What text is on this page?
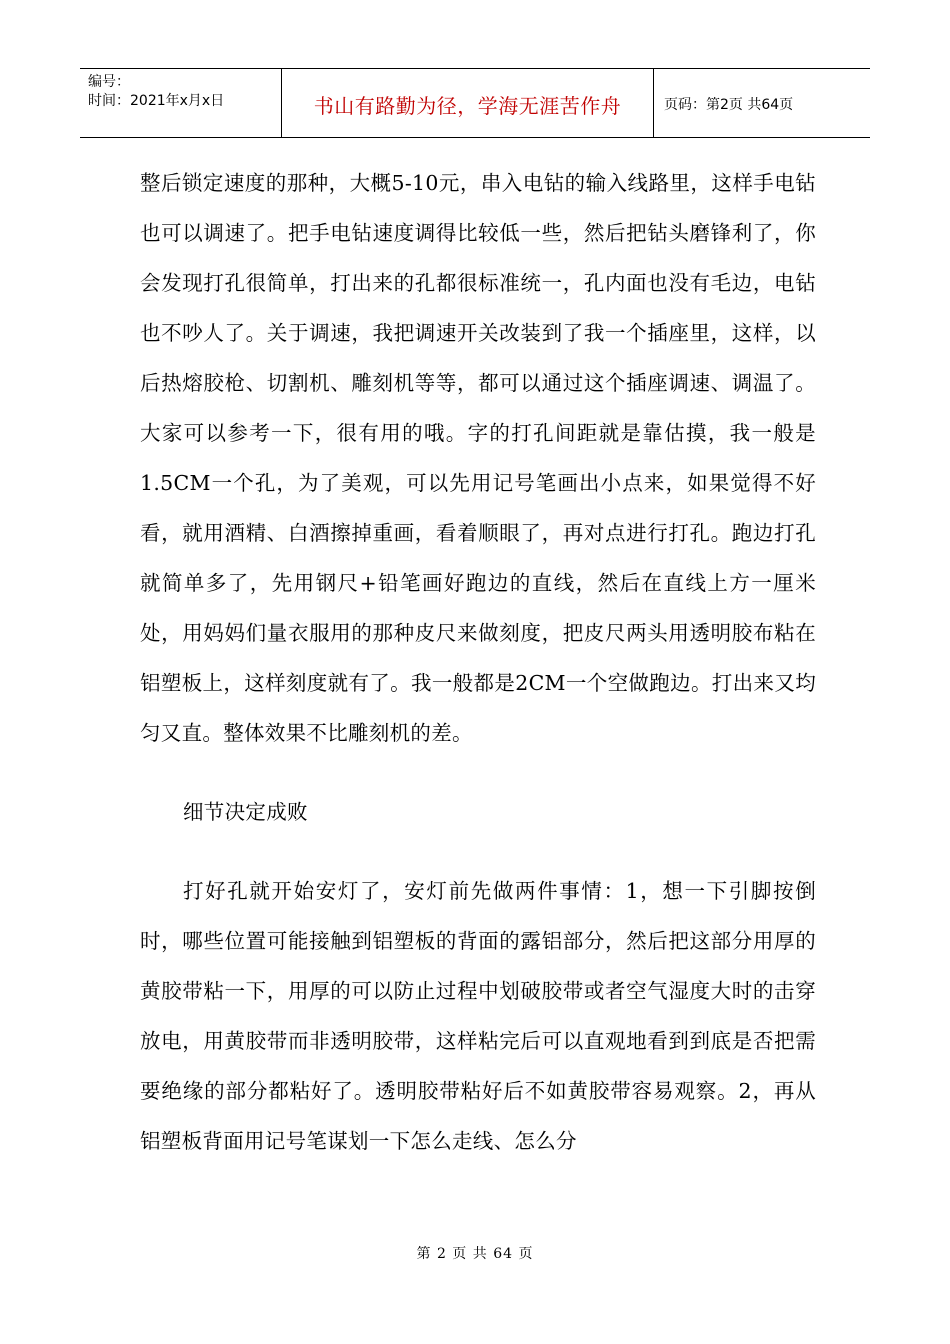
编号：
时间：2021年x月x日	书山有路勤为径，学海无涯苦作舟	页码：第2页 共64页

整后锁定速度的那种，大概5-10元，串入电钻的输入线路里，这样手电钻也可以调速了。把手电钻速度调得比较低一些，然后把钻头磨锋利了，你会发现打孔很简单，打出来的孔都很标准统一，孔内面也没有毛边，电钻也不吵人了。关于调速，我把调速开关改装到了我一个插座里，这样，以后热熔胶枪、切割机、雕刻机等等，都可以通过这个插座调速、调温了。大家可以参考一下，很有用的哦。字的打孔间距就是靠估摸，我一般是1.5CM一个孔，为了美观，可以先用记号笔画出小点来，如果觉得不好看，就用酒精、白酒擦掉重画，看着顺眼了，再对点进行打孔。跑边打孔就简单多了，先用钢尺+铅笔画好跑边的直线，然后在直线上方一厘米处，用妈妈们量衣服用的那种皮尺来做刻度，把皮尺两头用透明胶布粘在铝塑板上，这样刻度就有了。我一般都是2CM一个空做跑边。打出来又均匀又直。整体效果不比雕刻机的差。

细节决定成败

打好孔就开始安灯了，安灯前先做两件事情：1，想一下引脚按倒时，哪些位置可能接触到铝塑板的背面的露铝部分，然后把这部分用厚的黄胶带粘一下，用厚的可以防止过程中划破胶带或者空气湿度大时的击穿放电，用黄胶带而非透明胶带，这样粘完后可以直观地看到到底是否把需要绝缘的部分都粘好了。透明胶带粘好后不如黄胶带容易观察。2，再从铝塑板背面用记号笔谋划一下怎么走线、怎么分

第 2 页 共 64 页
